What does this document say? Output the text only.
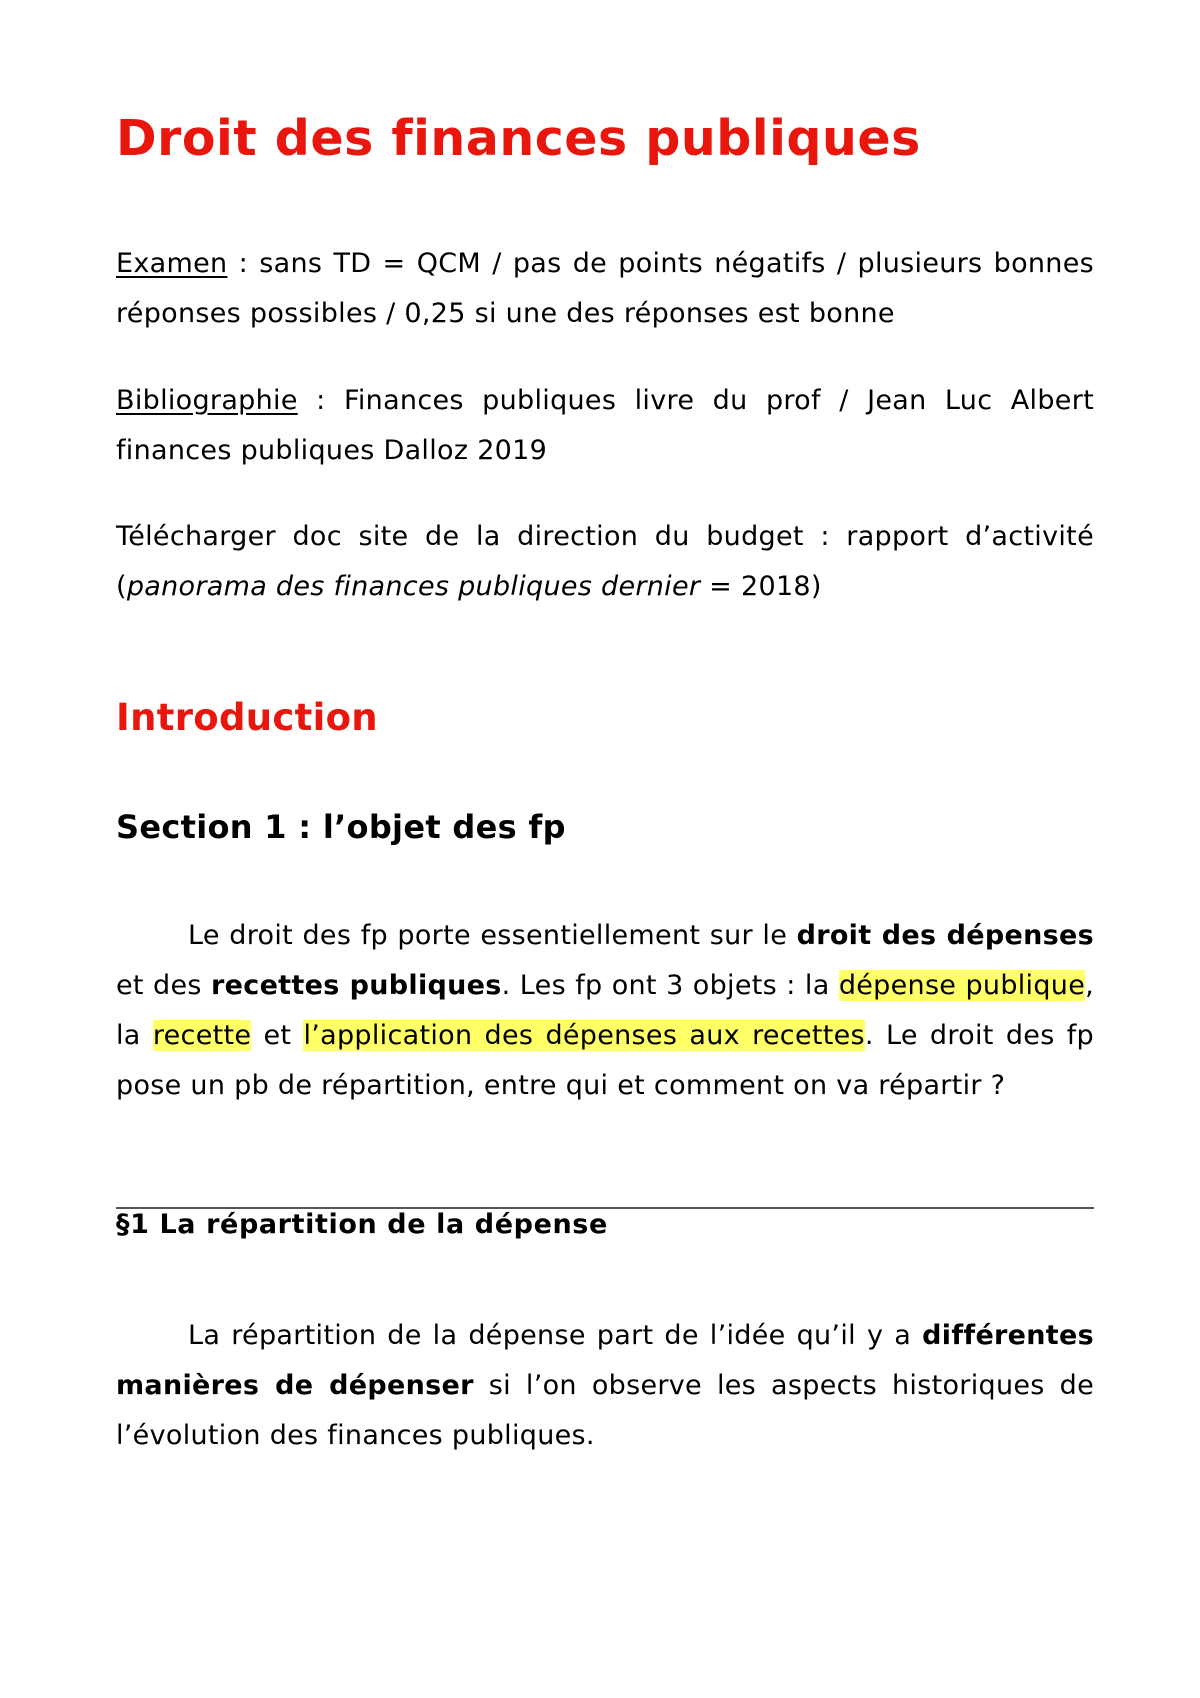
Droit des finances publiques

Examen : sans TD = QCM / pas de points négatifs / plusieurs bonnes réponses possibles / 0,25 si une des réponses est bonne

Bibliographie : Finances publiques livre du prof / Jean Luc Albert finances publiques Dalloz 2019

Télécharger doc site de la direction du budget : rapport d’activité (panorama des finances publiques dernier = 2018)

Introduction
Section 1 : l’objet des fp

Le droit des fp porte essentiellement sur le droit des dépenses et des recettes publiques. Les fp ont 3 objets : la dépense publique, la recette et l’application des dépenses aux recettes. Le droit des fp pose un pb de répartition, entre qui et comment on va répartir ?

§1 La répartition de la dépense

La répartition de la dépense part de l’idée qu’il y a différentes manières de dépenser si l’on observe les aspects historiques de l’évolution des finances publiques.
